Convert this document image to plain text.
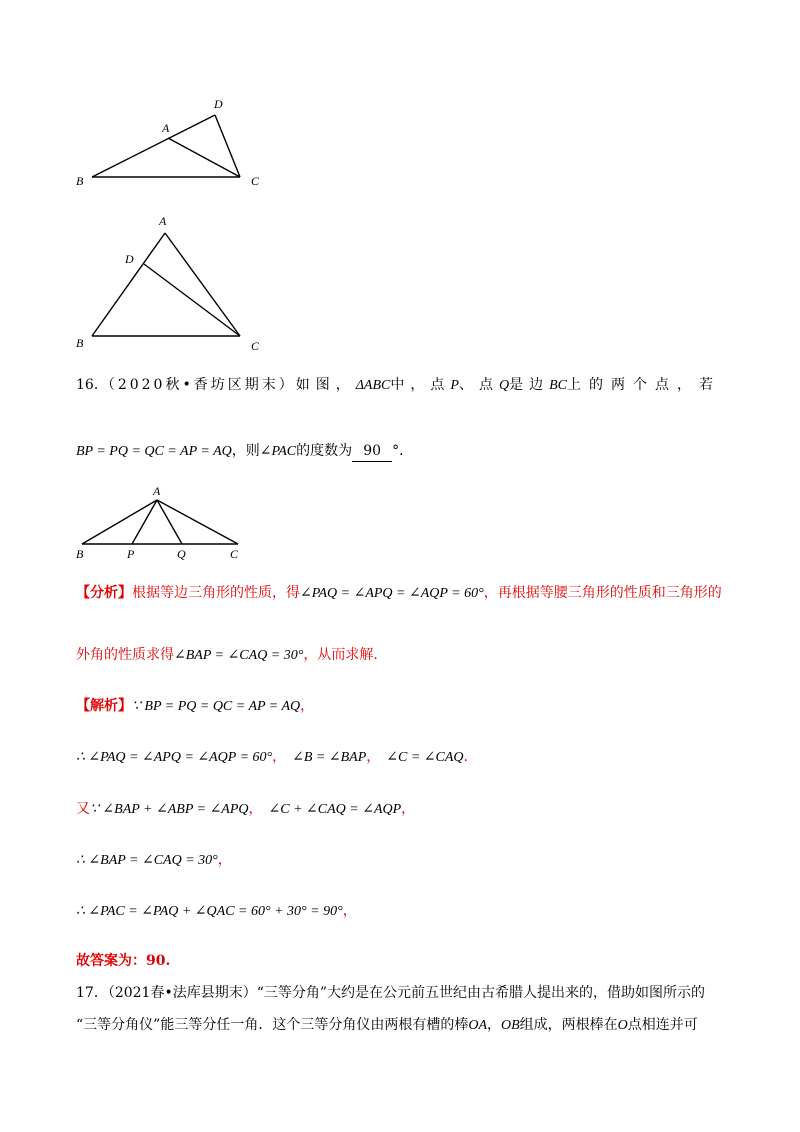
A
D
B	C
A
D
B	C
16．（2020秋•香坊区期末）如图，ΔABC中，点P、点Q是边BC上的两个点，若
BP = PQ = QC = AP = AQ，则∠PAC的度数为 90 °．
A
B	P	Q	C
【分析】根据等边三角形的性质，得∠PAQ = ∠APQ = ∠AQP = 60°，再根据等腰三角形的性质和三角形的
外角的性质求得∠BAP = ∠CAQ = 30°，从而求解.
【解析】∵ BP = PQ = QC = AP = AQ，
∴ ∠PAQ = ∠APQ = ∠AQP = 60°， ∠B = ∠BAP， ∠C = ∠CAQ.
又∵ ∠BAP + ∠ABP = ∠APQ， ∠C + ∠CAQ = ∠AQP，
∴ ∠BAP = ∠CAQ = 30°，
∴ ∠PAC = ∠PAQ + ∠QAC = 60° + 30° = 90°，
故答案为：90.
17．（2021春•法库县期末）“三等分角”大约是在公元前五世纪由古希腊人提出来的，借助如图所示的
“三等分角仪”能三等分任一角．这个三等分角仪由两根有槽的棒OA，OB组成，两根棒在O点相连并可
